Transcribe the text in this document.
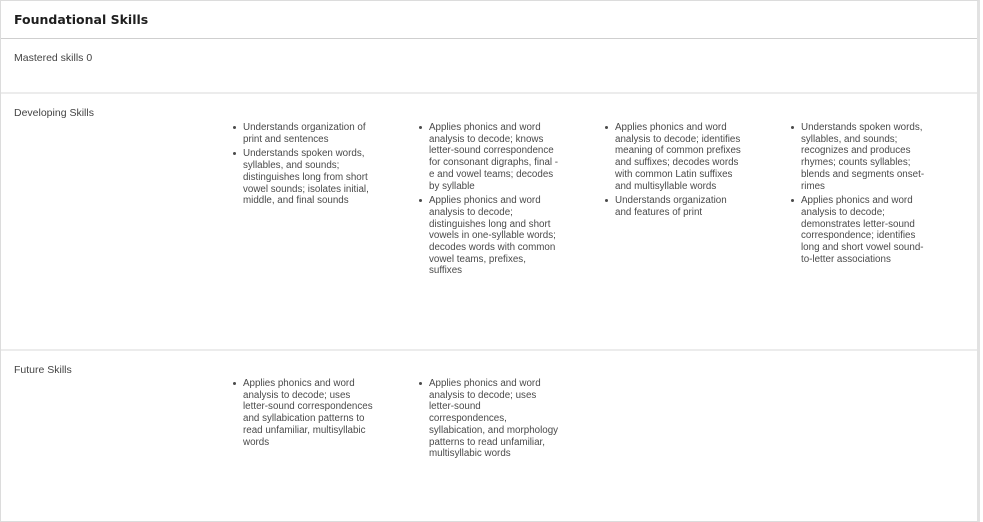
Foundational Skills
Mastered skills 0
Developing Skills
Understands organization of print and sentences
Understands spoken words, syllables, and sounds; distinguishes long from short vowel sounds; isolates initial, middle, and final sounds
Applies phonics and word analysis to decode; knows letter-sound correspondence for consonant digraphs, final - e and vowel teams; decodes by syllable
Applies phonics and word analysis to decode; distinguishes long and short vowels in one-syllable words; decodes words with common vowel teams, prefixes, suffixes
Applies phonics and word analysis to decode; identifies meaning of common prefixes and suffixes; decodes words with common Latin suffixes and multisyllable words
Understands organization and features of print
Understands spoken words, syllables, and sounds; recognizes and produces rhymes; counts syllables; blends and segments onset-rimes
Applies phonics and word analysis to decode; demonstrates letter-sound correspondence; identifies long and short vowel sound-to-letter associations
Future Skills
Applies phonics and word analysis to decode; uses letter-sound correspondences and syllabication patterns to read unfamiliar, multisyllabic words
Applies phonics and word analysis to decode; uses letter-sound correspondences, syllabication, and morphology patterns to read unfamiliar, multisyllabic words
